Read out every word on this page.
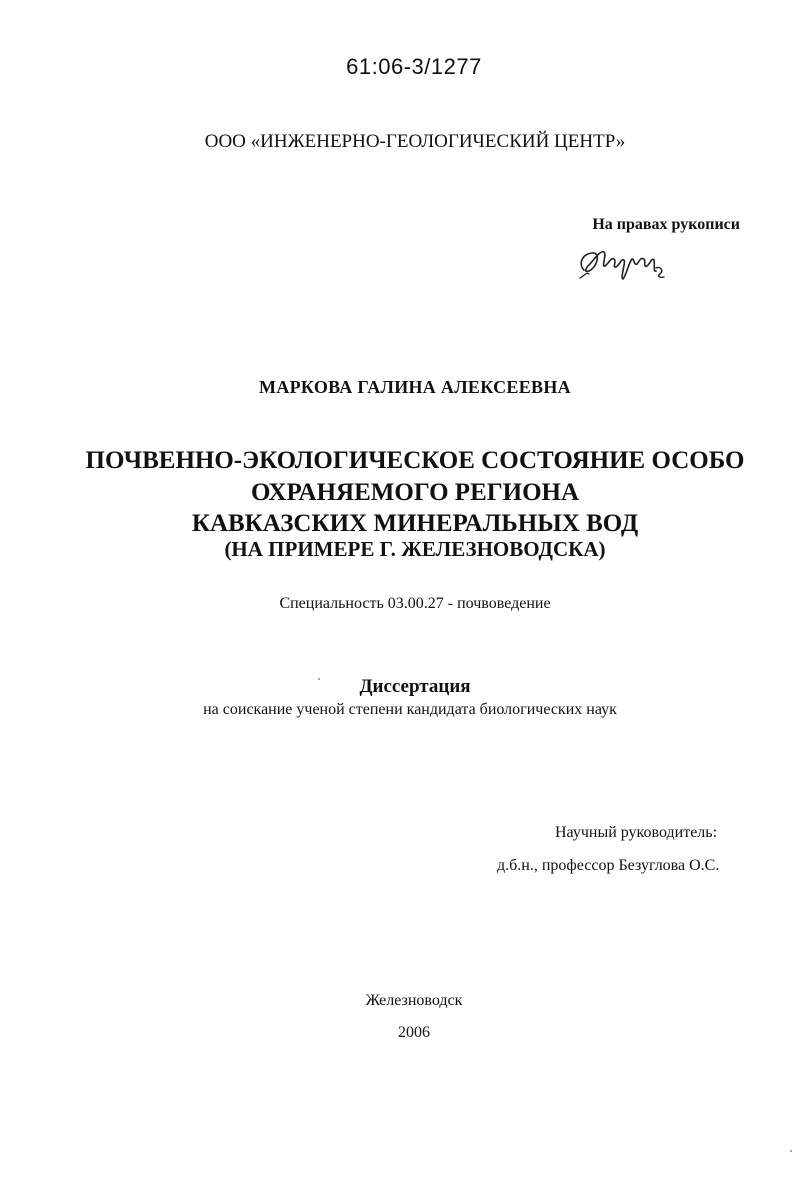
61:06-3/1277
ООО «ИНЖЕНЕРНО-ГЕОЛОГИЧЕСКИЙ ЦЕНТР»
На правах рукописи
МАРКОВА ГАЛИНА АЛЕКСЕЕВНА
ПОЧВЕННО-ЭКОЛОГИЧЕСКОЕ СОСТОЯНИЕ ОСОБО
ОХРАНЯЕМОГО РЕГИОНА
КАВКАЗСКИХ МИНЕРАЛЬНЫХ ВОД
(НА ПРИМЕРЕ Г. ЖЕЛЕЗНОВОДСКА)
Специальность 03.00.27 - почвоведение
Диссертация
на соискание ученой степени кандидата биологических наук
Научный руководитель:
д.б.н., профессор Безуглова О.С.
Железноводск
2006
